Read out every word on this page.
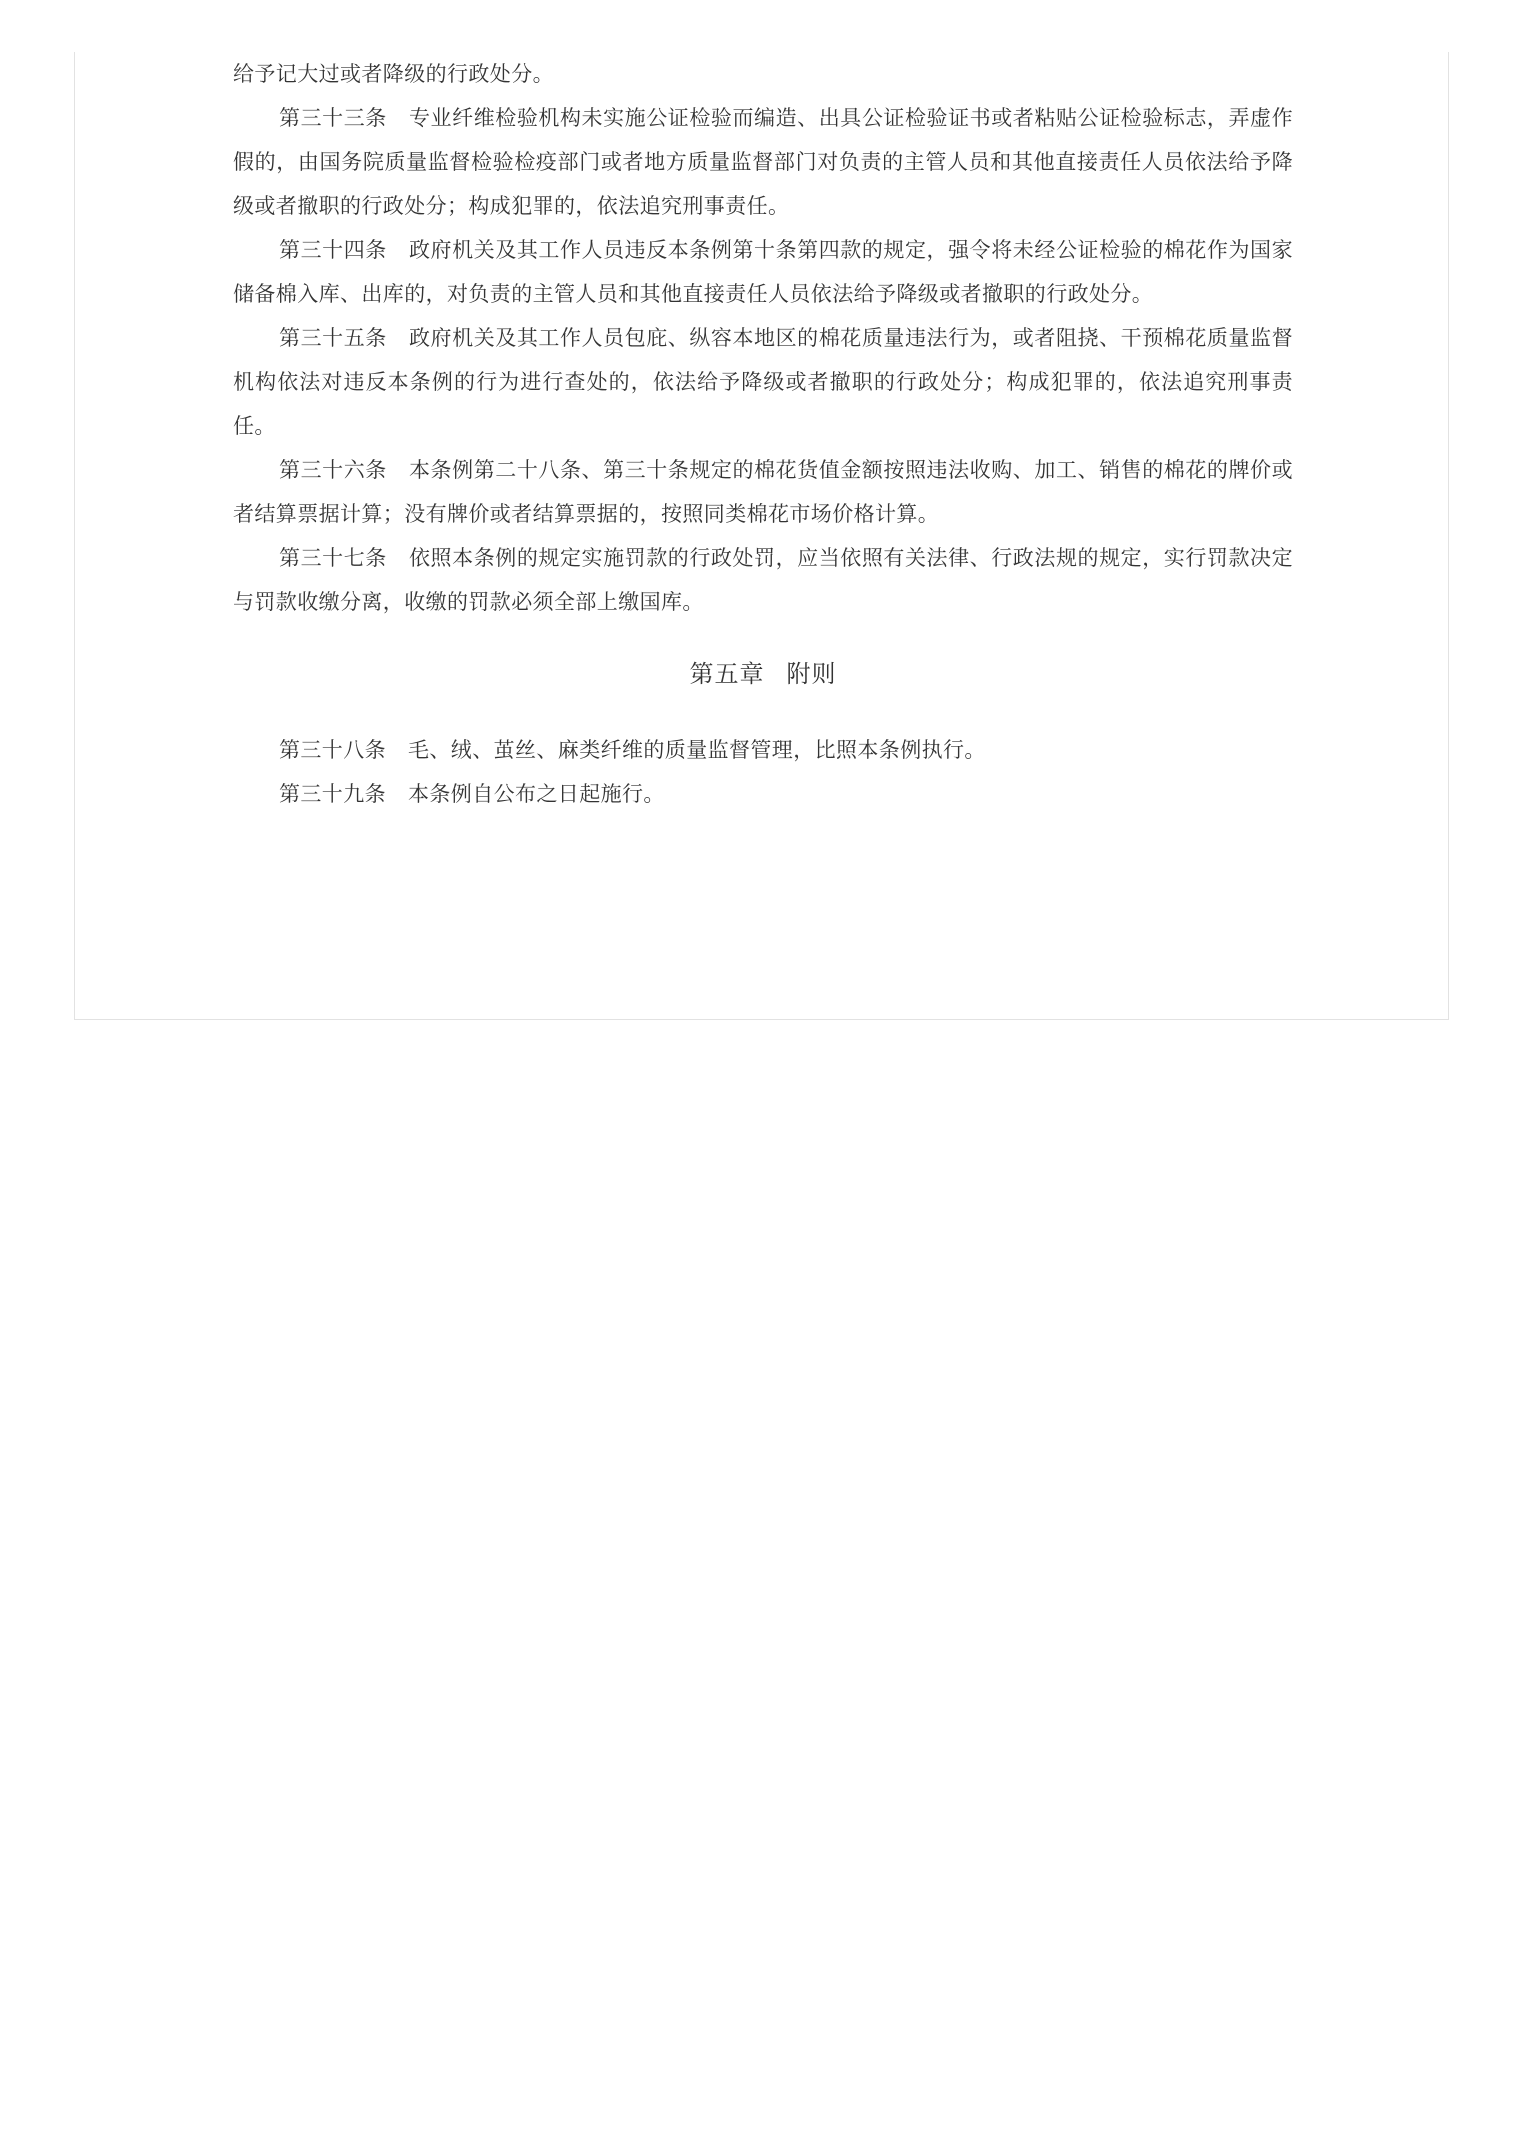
给予记大过或者降级的行政处分。

第三十三条 专业纤维检验机构未实施公证检验而编造、出具公证检验证书或者粘贴公证检验标志，弄虚作假的，由国务院质量监督检验检疫部门或者地方质量监督部门对负责的主管人员和其他直接责任人员依法给予降级或者撤职的行政处分；构成犯罪的，依法追究刑事责任。

第三十四条 政府机关及其工作人员违反本条例第十条第四款的规定，强令将未经公证检验的棉花作为国家储备棉入库、出库的，对负责的主管人员和其他直接责任人员依法给予降级或者撤职的行政处分。

第三十五条 政府机关及其工作人员包庇、纵容本地区的棉花质量违法行为，或者阻挠、干预棉花质量监督机构依法对违反本条例的行为进行查处的，依法给予降级或者撤职的行政处分；构成犯罪的，依法追究刑事责任。

第三十六条 本条例第二十八条、第三十条规定的棉花货值金额按照违法收购、加工、销售的棉花的牌价或者结算票据计算；没有牌价或者结算票据的，按照同类棉花市场价格计算。

第三十七条 依照本条例的规定实施罚款的行政处罚，应当依照有关法律、行政法规的规定，实行罚款决定与罚款收缴分离，收缴的罚款必须全部上缴国库。

第五章 附则

第三十八条 毛、绒、茧丝、麻类纤维的质量监督管理，比照本条例执行。

第三十九条 本条例自公布之日起施行。
